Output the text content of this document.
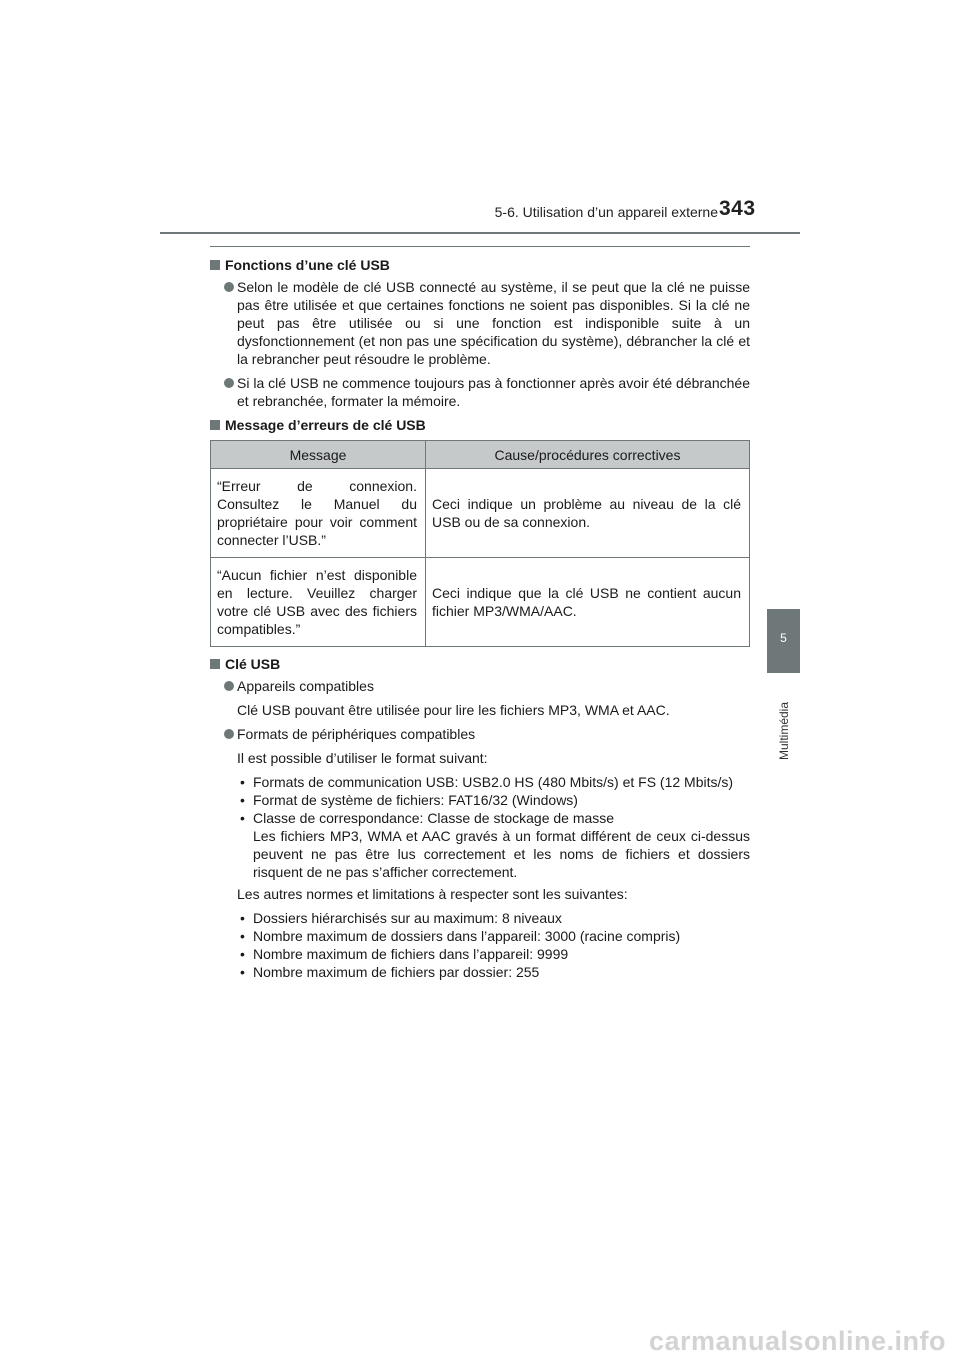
5-6. Utilisation d’un appareil externe 343
5
Multimédia
Fonctions d’une clé USB
Selon le modèle de clé USB connecté au système, il se peut que la clé ne puisse pas être utilisée et que certaines fonctions ne soient pas disponibles. Si la clé ne peut pas être utilisée ou si une fonction est indisponible suite à un dysfonctionnement (et non pas une spécification du système), débrancher la clé et la rebrancher peut résoudre le problème.
Si la clé USB ne commence toujours pas à fonctionner après avoir été débranchée et rebranchée, formater la mémoire.
Message d’erreurs de clé USB
Message	Cause/procédures correctives
“Erreur de connexion. Consultez le Manuel du propriétaire pour voir comment connecter l’USB.”	Ceci indique un problème au niveau de la clé USB ou de sa connexion.
“Aucun fichier n’est disponible en lecture. Veuillez charger votre clé USB avec des fichiers compatibles.”	Ceci indique que la clé USB ne contient aucun fichier MP3/WMA/AAC.
Clé USB
Appareils compatibles
Clé USB pouvant être utilisée pour lire les fichiers MP3, WMA et AAC.
Formats de périphériques compatibles
Il est possible d’utiliser le format suivant:
• Formats de communication USB: USB2.0 HS (480 Mbits/s) et FS (12 Mbits/s)
• Format de système de fichiers: FAT16/32 (Windows)
• Classe de correspondance: Classe de stockage de masse
Les fichiers MP3, WMA et AAC gravés à un format différent de ceux ci-dessus peuvent ne pas être lus correctement et les noms de fichiers et dossiers risquent de ne pas s’afficher correctement.
Les autres normes et limitations à respecter sont les suivantes:
• Dossiers hiérarchisés sur au maximum: 8 niveaux
• Nombre maximum de dossiers dans l’appareil: 3000 (racine compris)
• Nombre maximum de fichiers dans l’appareil: 9999
• Nombre maximum de fichiers par dossier: 255
carmanualsonline.info
